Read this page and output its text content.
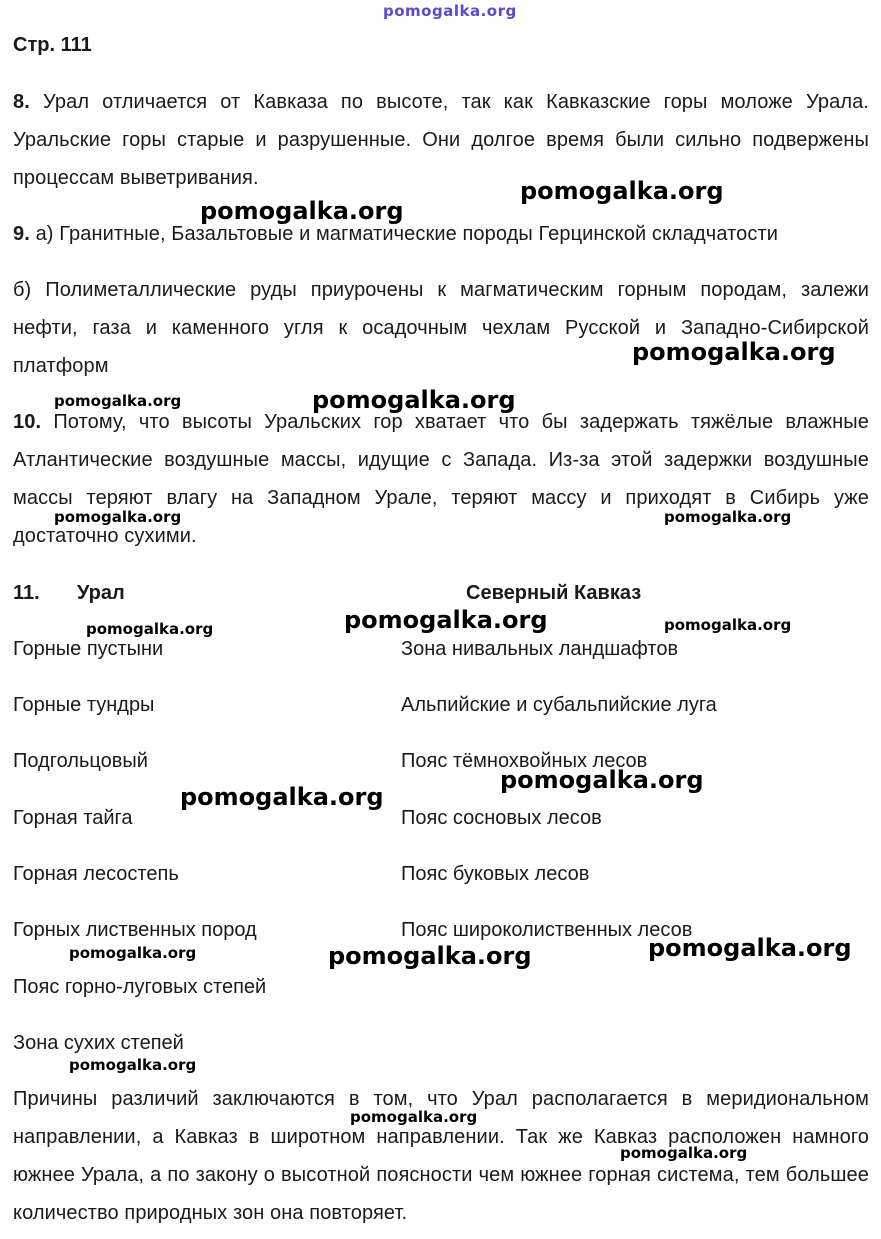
pomogalka.org
Стр. 111
8. Урал отличается от Кавказа по высоте, так как Кавказские горы моложе Урала. Уральские горы старые и разрушенные. Они долгое время были сильно подвержены процессам выветривания.
9. а) Гранитные, Базальтовые и магматические породы Герцинской складчатости
б) Полиметаллические руды приурочены к магматическим горным породам, залежи нефти, газа и каменного угля к осадочным чехлам Русской и Западно-Сибирской платформ
10. Потому, что высоты Уральских гор хватает что бы задержать тяжёлые влажные Атлантические воздушные массы, идущие с Запада. Из-за этой задержки воздушные массы теряют влагу на Западном Урале, теряют массу и приходят в Сибирь уже достаточно сухими.
11. Урал	Северный Кавказ
Горные пустыни	Зона нивальных ландшафтов
Горные тундры	Альпийские и субальпийские луга
Подгольцовый	Пояс тёмнохвойных лесов
Горная тайга	Пояс сосновых лесов
Горная лесостепь	Пояс буковых лесов
Горных лиственных пород	Пояс широколиственных лесов
Пояс горно-луговых степей
Зона сухих степей
Причины различий заключаются в том, что Урал располагается в меридиональном направлении, а Кавказ в широтном направлении. Так же Кавказ расположен намного южнее Урала, а по закону о высотной поясности чем южнее горная система, тем большее количество природных зон она повторяет.
pomogalka.org
pomogalka.org
pomogalka.org
pomogalka.org	pomogalka.org
pomogalka.org	pomogalka.org
pomogalka.org
pomogalka.org	pomogalka.org
pomogalka.org
pomogalka.org
pomogalka.org
pomogalka.org	pomogalka.org
pomogalka.org
pomogalka.org
pomogalka.org
